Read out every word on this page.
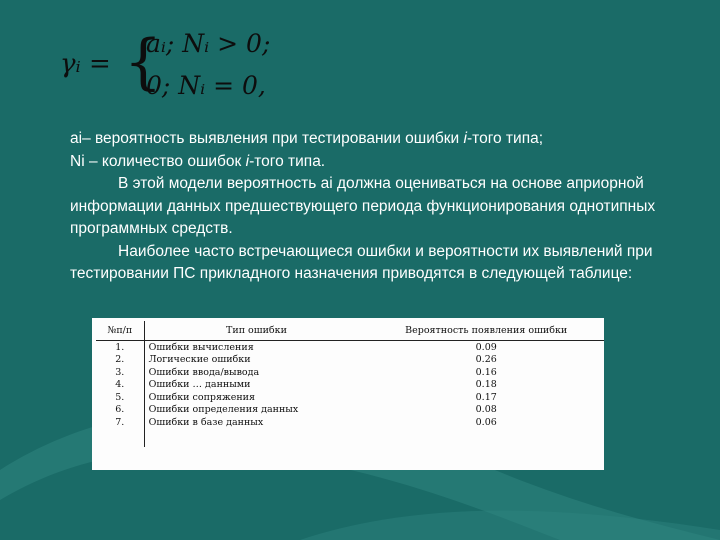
γᵢ = {
aᵢ; Nᵢ > 0;
0; Nᵢ = 0,

ai– вероятность выявления при тестировании ошибки i-того типа;

Ni – количество ошибок i-того типа.

В этой модели вероятность ai должна оцениваться на основе априорной информации данных предшествующего периода функционирования однотипных программных средств.

Наиболее часто встречающиеся ошибки и вероятности их выявлений при тестировании ПС прикладного назначения приводятся в следующей таблице:

№п/п	Тип ошибки	Вероятность появления ошибки
1.	Ошибки вычисления	0.09
2.	Логические ошибки	0.26
3.	Ошибки ввода/вывода	0.16
4.	Ошибки … данными	0.18
5.	Ошибки сопряжения	0.17
6.	Ошибки определения данных	0.08
7.	Ошибки в базе данных	0.06
